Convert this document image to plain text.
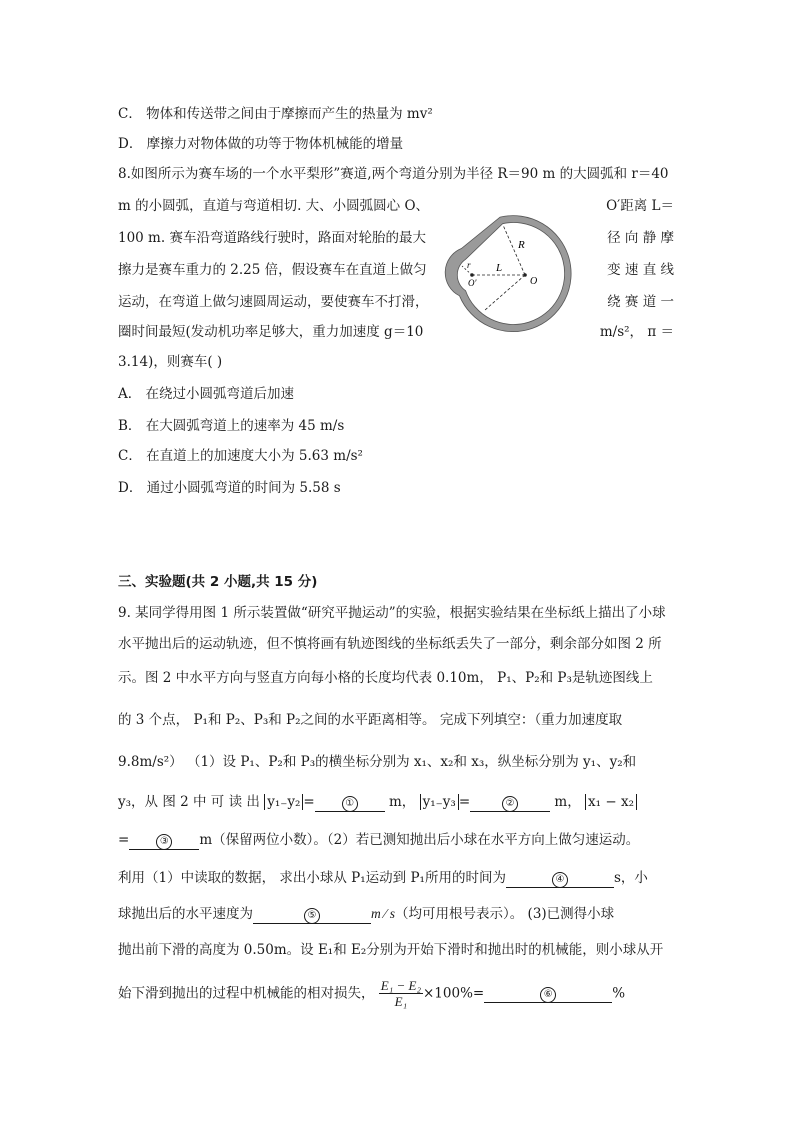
C． 物体和传送带之间由于摩擦而产生的热量为 mv²
D． 摩擦力对物体做的功等于物体机械能的增量
8.如图所示为赛车场的一个水平梨形”赛道,两个弯道分别为半径 R＝90 m 的大圆弧和 r＝40
m 的小圆弧，直道与弯道相切. 大、小圆弧圆心 O、	O′距离 L＝
100 m. 赛车沿弯道路线行驶时，路面对轮胎的最大	径 向 静 摩
擦力是赛车重力的 2.25 倍，假设赛车在直道上做匀	变 速 直 线
运动，在弯道上做匀速圆周运动，要使赛车不打滑，	绕 赛 道 一
圈时间最短(发动机功率足够大，重力加速度 g＝10	m/s²， π ＝
3.14)，则赛车( )
A． 在绕过小圆弧弯道后加速
B． 在大圆弧弯道上的速率为 45 m/s
C． 在直道上的加速度大小为 5.63 m/s²
D． 通过小圆弧弯道的时间为 5.58 s
R
L
r
O
O′
三、实验题(共 2 小题,共 15 分)
9. 某同学得用图 1 所示装置做“研究平抛运动”的实验，根据实验结果在坐标纸上描出了小球
水平抛出后的运动轨迹，但不慎将画有轨迹图线的坐标纸丢失了一部分，剩余部分如图 2 所
示。图 2 中水平方向与竖直方向每小格的长度均代表 0.10m， P₁、P₂和 P₃是轨迹图线上
的 3 个点， P₁和 P₂、P₃和 P₂之间的水平距离相等。 完成下列填空：（重力加速度取
9.8m/s²） （1）设 P₁、P₂和 P₃的横坐标分别为 x₁、x₂和 x₃，纵坐标分别为 y₁、y₂和
y₃，从 图 2 中 可 读 出 y₁₋y₂ =	①	m， y₁₋y₃ =	②	m， x₁ − x₂
=	③ m（保留两位小数）。（2）若已测知抛出后小球在水平方向上做匀速运动。
利用（1）中读取的数据， 求出小球从 P₁运动到 P₁所用的时间为	④	s，小
球抛出后的水平速度为	⑤	m ⁄ s（均可用根号表示）。 (3)已测得小球
抛出前下滑的高度为 0.50m。设 E₁和 E₂分别为开始下滑时和抛出时的机械能，则小球从开
始下滑到抛出的过程中机械能的相对损失， $\frac{\text{E₁ − E₂}}{\text{E₁}} \times 100\%=$	⑥	%
